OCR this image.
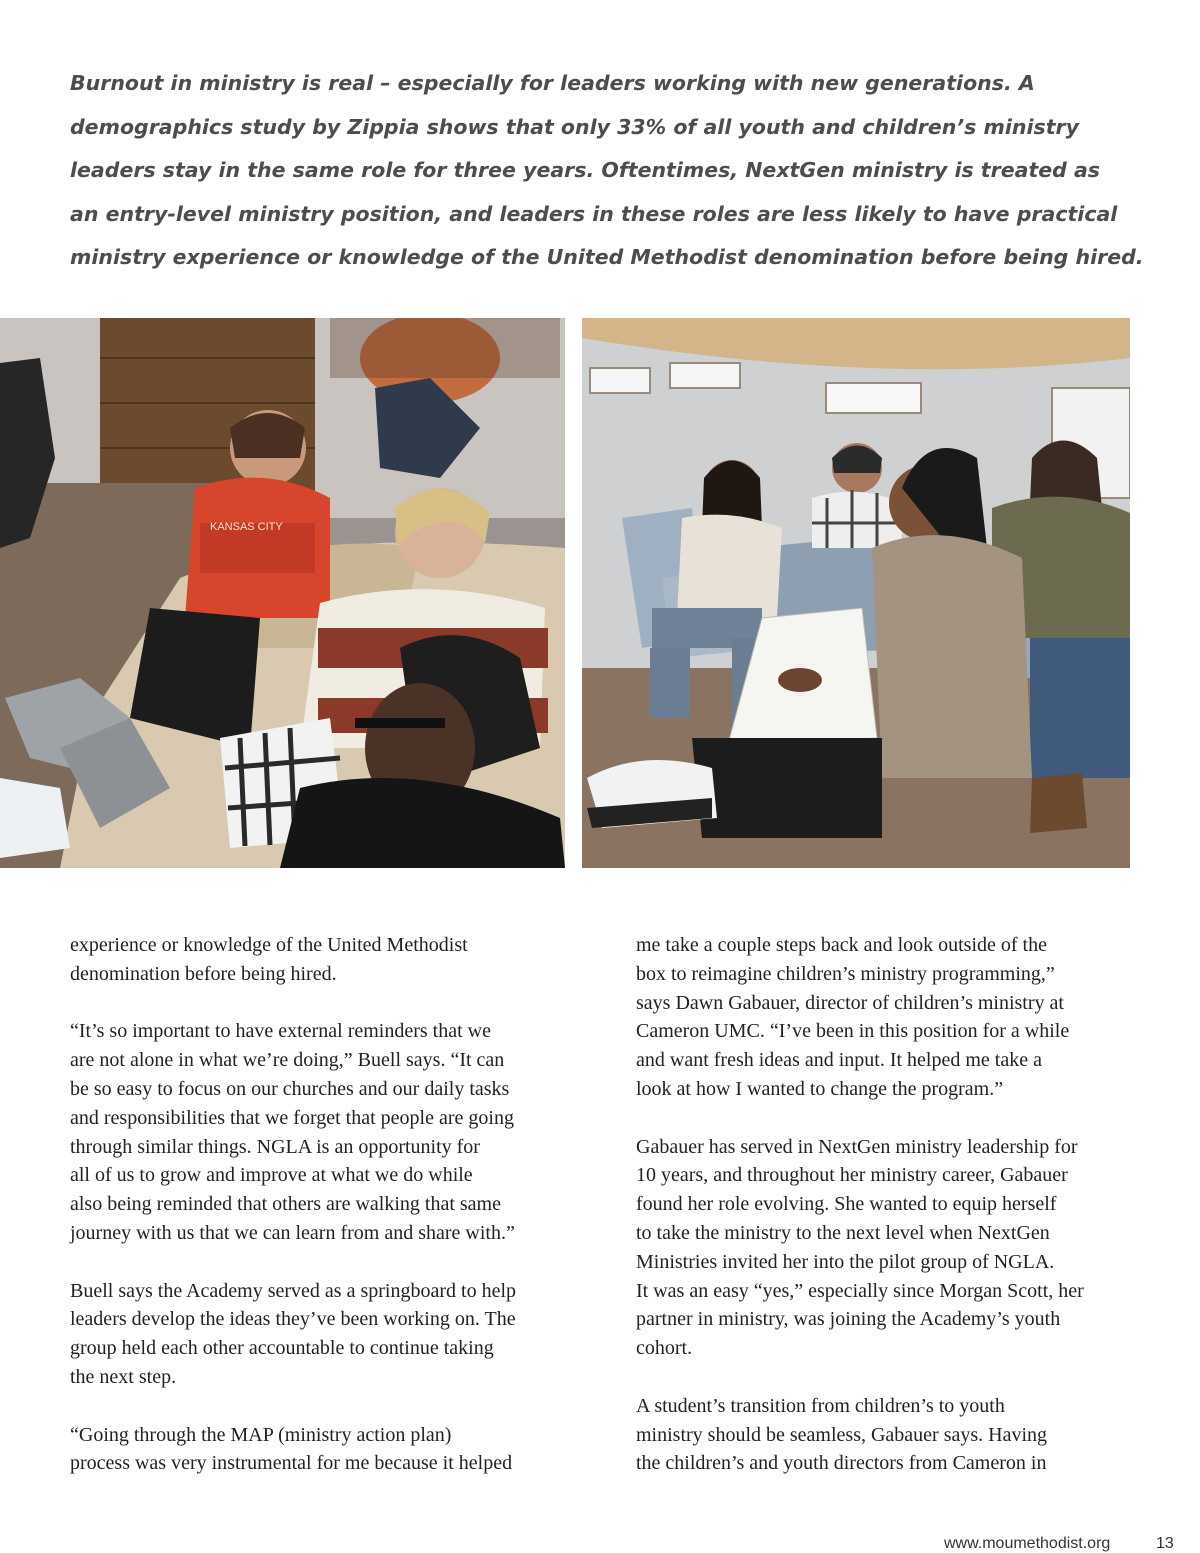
Burnout in ministry is real – especially for leaders working with new generations. A
demographics study by Zippia shows that only 33% of all youth and children’s ministry
leaders stay in the same role for three years. Oftentimes, NextGen ministry is treated as
an entry-level ministry position, and leaders in these roles are less likely to have practical
ministry experience or knowledge of the United Methodist denomination before being hired.
KANSAS CITY

experience or knowledge of the United Methodist
denomination before being hired.

“It’s so important to have external reminders that we
are not alone in what we’re doing,” Buell says. “It can
be so easy to focus on our churches and our daily tasks
and responsibilities that we forget that people are going
through similar things. NGLA is an opportunity for
all of us to grow and improve at what we do while
also being reminded that others are walking that same
journey with us that we can learn from and share with.”

Buell says the Academy served as a springboard to help
leaders develop the ideas they’ve been working on. The
group held each other accountable to continue taking
the next step.

“Going through the MAP (ministry action plan)
process was very instrumental for me because it helped

me take a couple steps back and look outside of the
box to reimagine children’s ministry programming,”
says Dawn Gabauer, director of children’s ministry at
Cameron UMC. “I’ve been in this position for a while
and want fresh ideas and input. It helped me take a
look at how I wanted to change the program.”

Gabauer has served in NextGen ministry leadership for
10 years, and throughout her ministry career, Gabauer
found her role evolving. She wanted to equip herself
to take the ministry to the next level when NextGen
Ministries invited her into the pilot group of NGLA.
It was an easy “yes,” especially since Morgan Scott, her
partner in ministry, was joining the Academy’s youth
cohort.

A student’s transition from children’s to youth
ministry should be seamless, Gabauer says. Having
the children’s and youth directors from Cameron in

www.moumethodist.org	13
